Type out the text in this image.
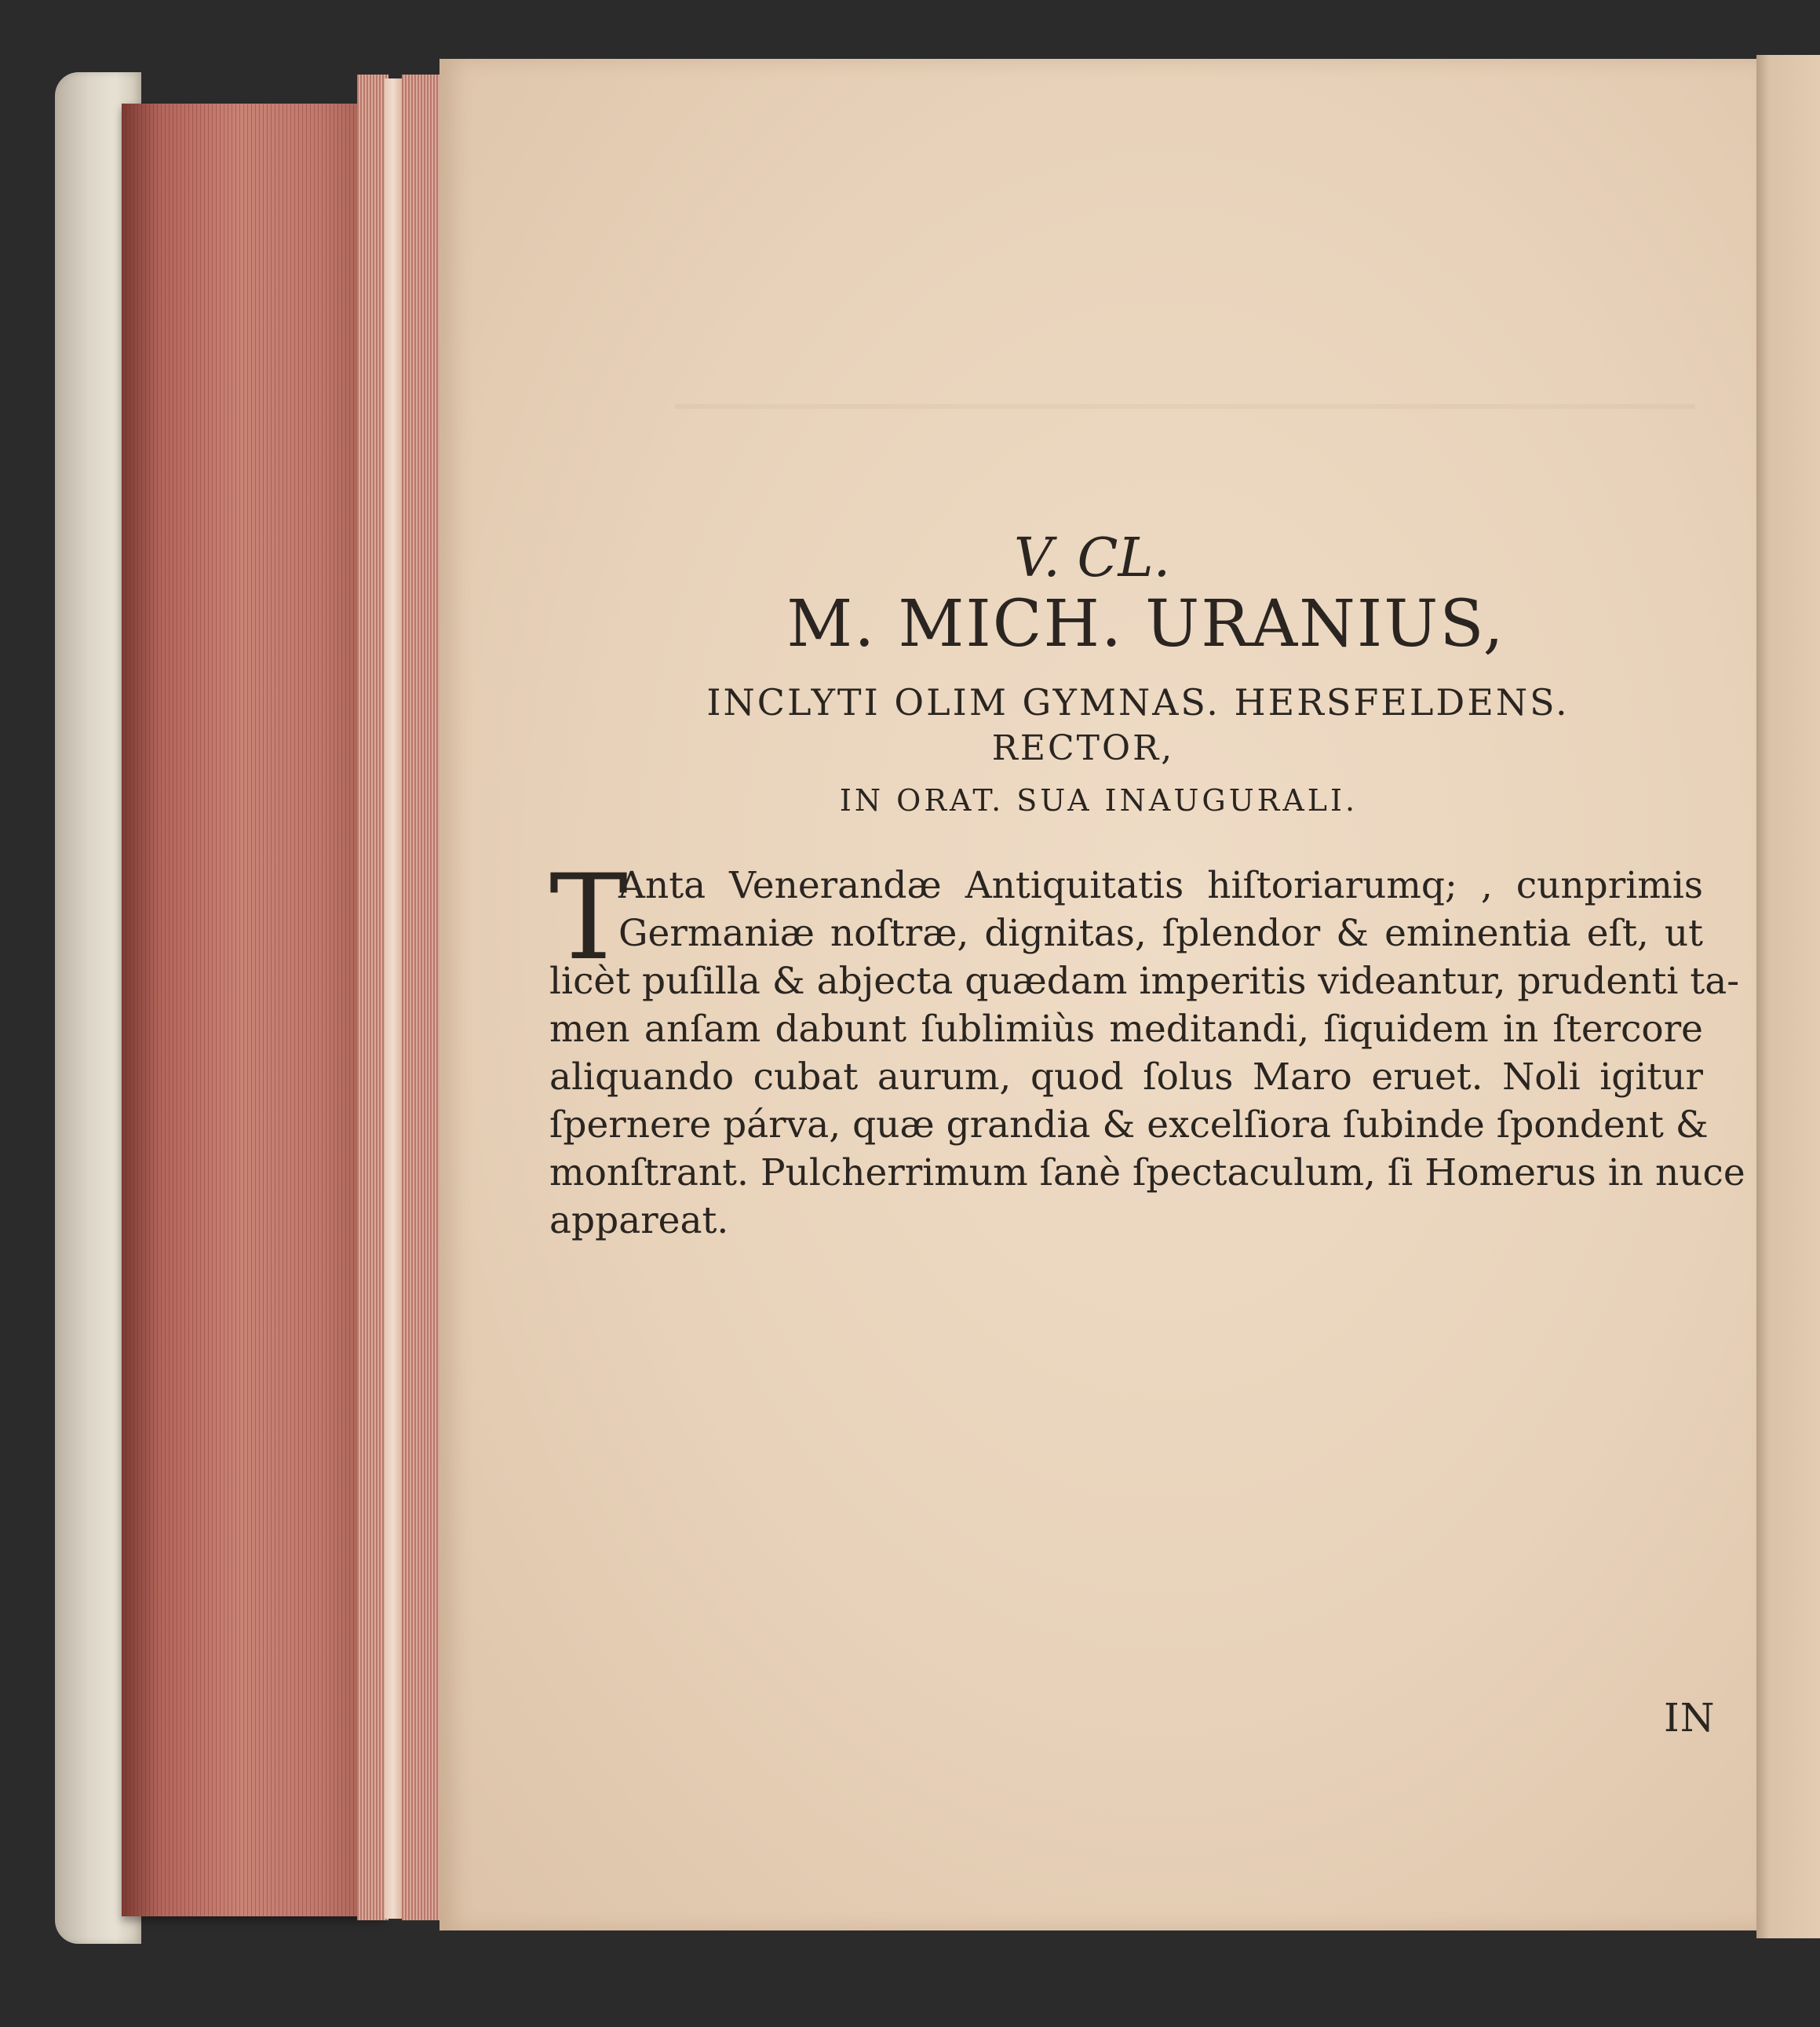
V. CL.
M. MICH. URANIUS,
INCLYTI OLIM GYMNAS. HERSFELDENS.
RECTOR,
IN ORAT. SUA INAUGURALI.
T
Anta Venerandæ Antiquitatis hiſtoriarumq; , cunprimis
Germaniæ noſtræ, dignitas, ſplendor & eminentia eſt, ut
licèt puſilla & abjecta quædam imperitis videantur, prudenti ta-
men anſam dabunt ſublimiùs meditandi, ſiquidem in ſtercore
aliquando cubat aurum, quod ſolus Maro eruet. Noli igitur
ſpernere párva, quæ grandia & excelſiora ſubinde ſpondent &
monſtrant. Pulcherrimum ſanè ſpectaculum, ſi Homerus in nuce
appareat.
IN
